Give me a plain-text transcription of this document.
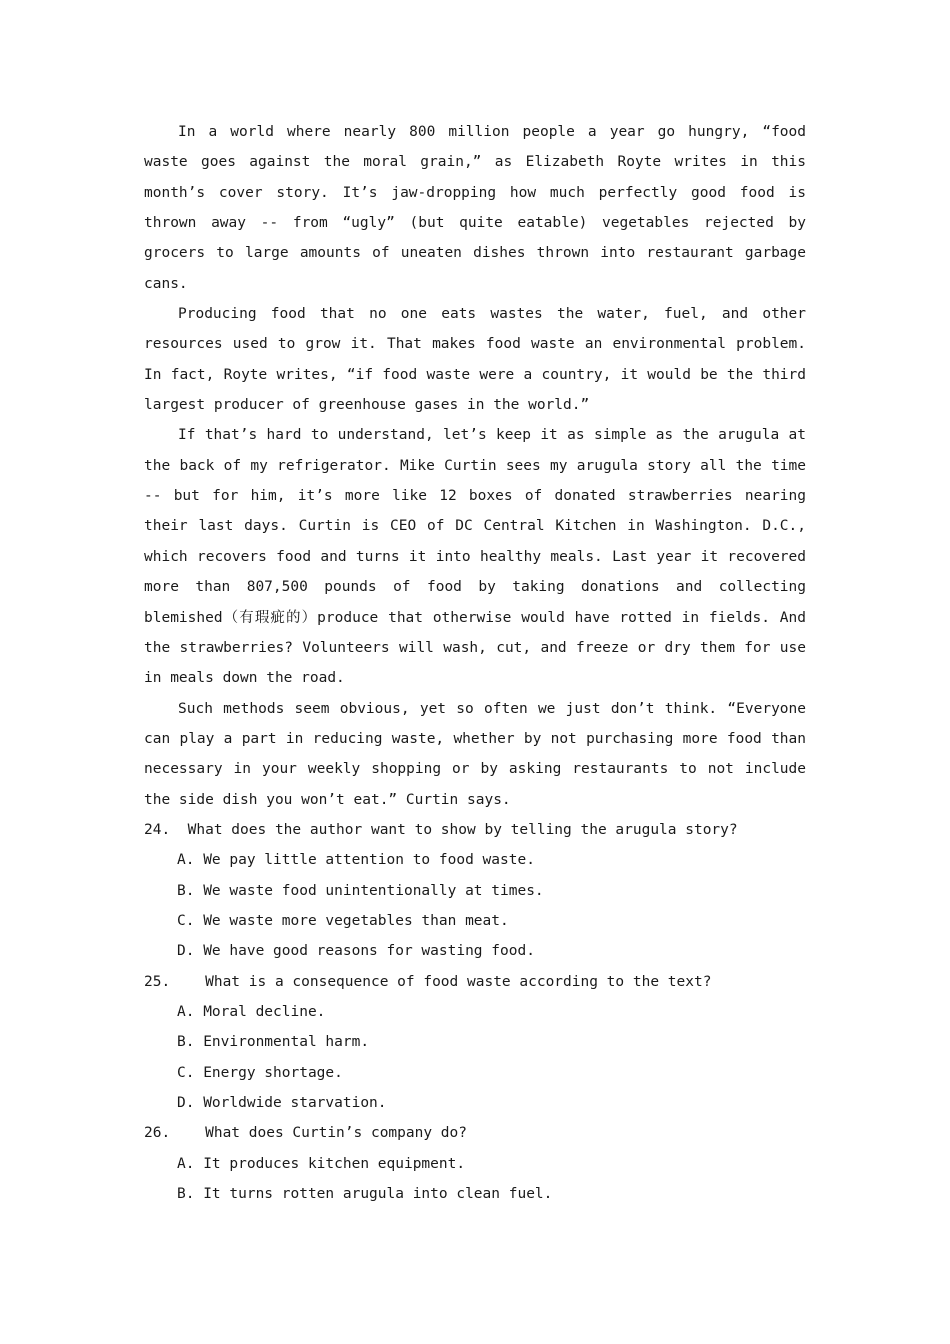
In a world where nearly 800 million people a year go hungry, “food waste goes against the moral grain,” as Elizabeth Royte writes in this month’s cover story. It’s jaw-dropping how much perfectly good food is thrown away -- from “ugly” (but quite eatable) vegetables rejected by grocers to large amounts of uneaten dishes thrown into restaurant garbage cans.

Producing food that no one eats wastes the water, fuel, and other resources used to grow it. That makes food waste an environmental problem. In fact, Royte writes, “if food waste were a country, it would be the third largest producer of greenhouse gases in the world.”

If that’s hard to understand, let’s keep it as simple as the arugula at the back of my refrigerator. Mike Curtin sees my arugula story all the time -- but for him, it’s more like 12 boxes of donated strawberries nearing their last days. Curtin is CEO of DC Central Kitchen in Washington. D.C., which recovers food and turns it into healthy meals. Last year it recovered more than 807,500 pounds of food by taking donations and collecting blemished（有瑕疵的）produce that otherwise would have rotted in fields. And the strawberries? Volunteers will wash, cut, and freeze or dry them for use in meals down the road.

Such methods seem obvious, yet so often we just don’t think. “Everyone can play a part in reducing waste, whether by not purchasing more food than necessary in your weekly shopping or by asking restaurants to not include the side dish you won’t eat.” Curtin says.

24.  What does the author want to show by telling the arugula story?

A. We pay little attention to food waste.

B. We waste food unintentionally at times.

C. We waste more vegetables than meat.

D. We have good reasons for wasting food.

25.    What is a consequence of food waste according to the text?

A. Moral decline.

B. Environmental harm.

C. Energy shortage.

D. Worldwide starvation.

26.    What does Curtin’s company do?

A. It produces kitchen equipment.

B. It turns rotten arugula into clean fuel.
